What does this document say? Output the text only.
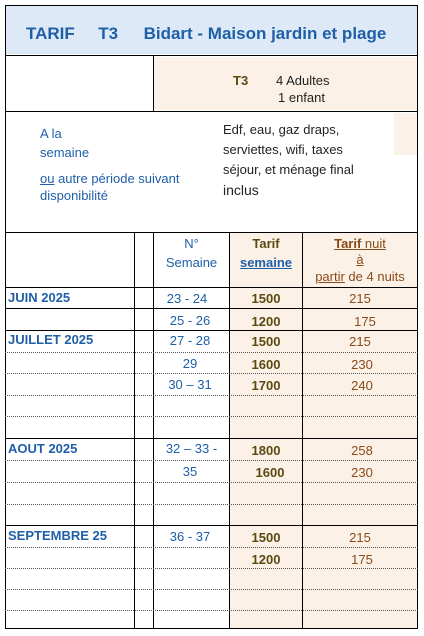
TARIF T3 Bidart - Maison jardin et plage
T3 4 Adultes
1 enfant
A la
semaine
ou autre période suivant
disponibilité
Edf, eau, gaz draps,
serviettes, wifi, taxes
séjour, et ménage final
inclus
N°
Semaine
Tarif
semaine
Tarif nuit
à
partir de 4 nuits
JUIN 2025
JUILLET 2025
AOUT 2025
SEPTEMBRE 25
23 - 24
25 - 26
27 - 28
29
30 – 31
32 – 33 -
35
36 - 37
1500
1200
1500
1600
1700
1800
1600
1500
1200
215
175
215
230
240
258
230
215
175
